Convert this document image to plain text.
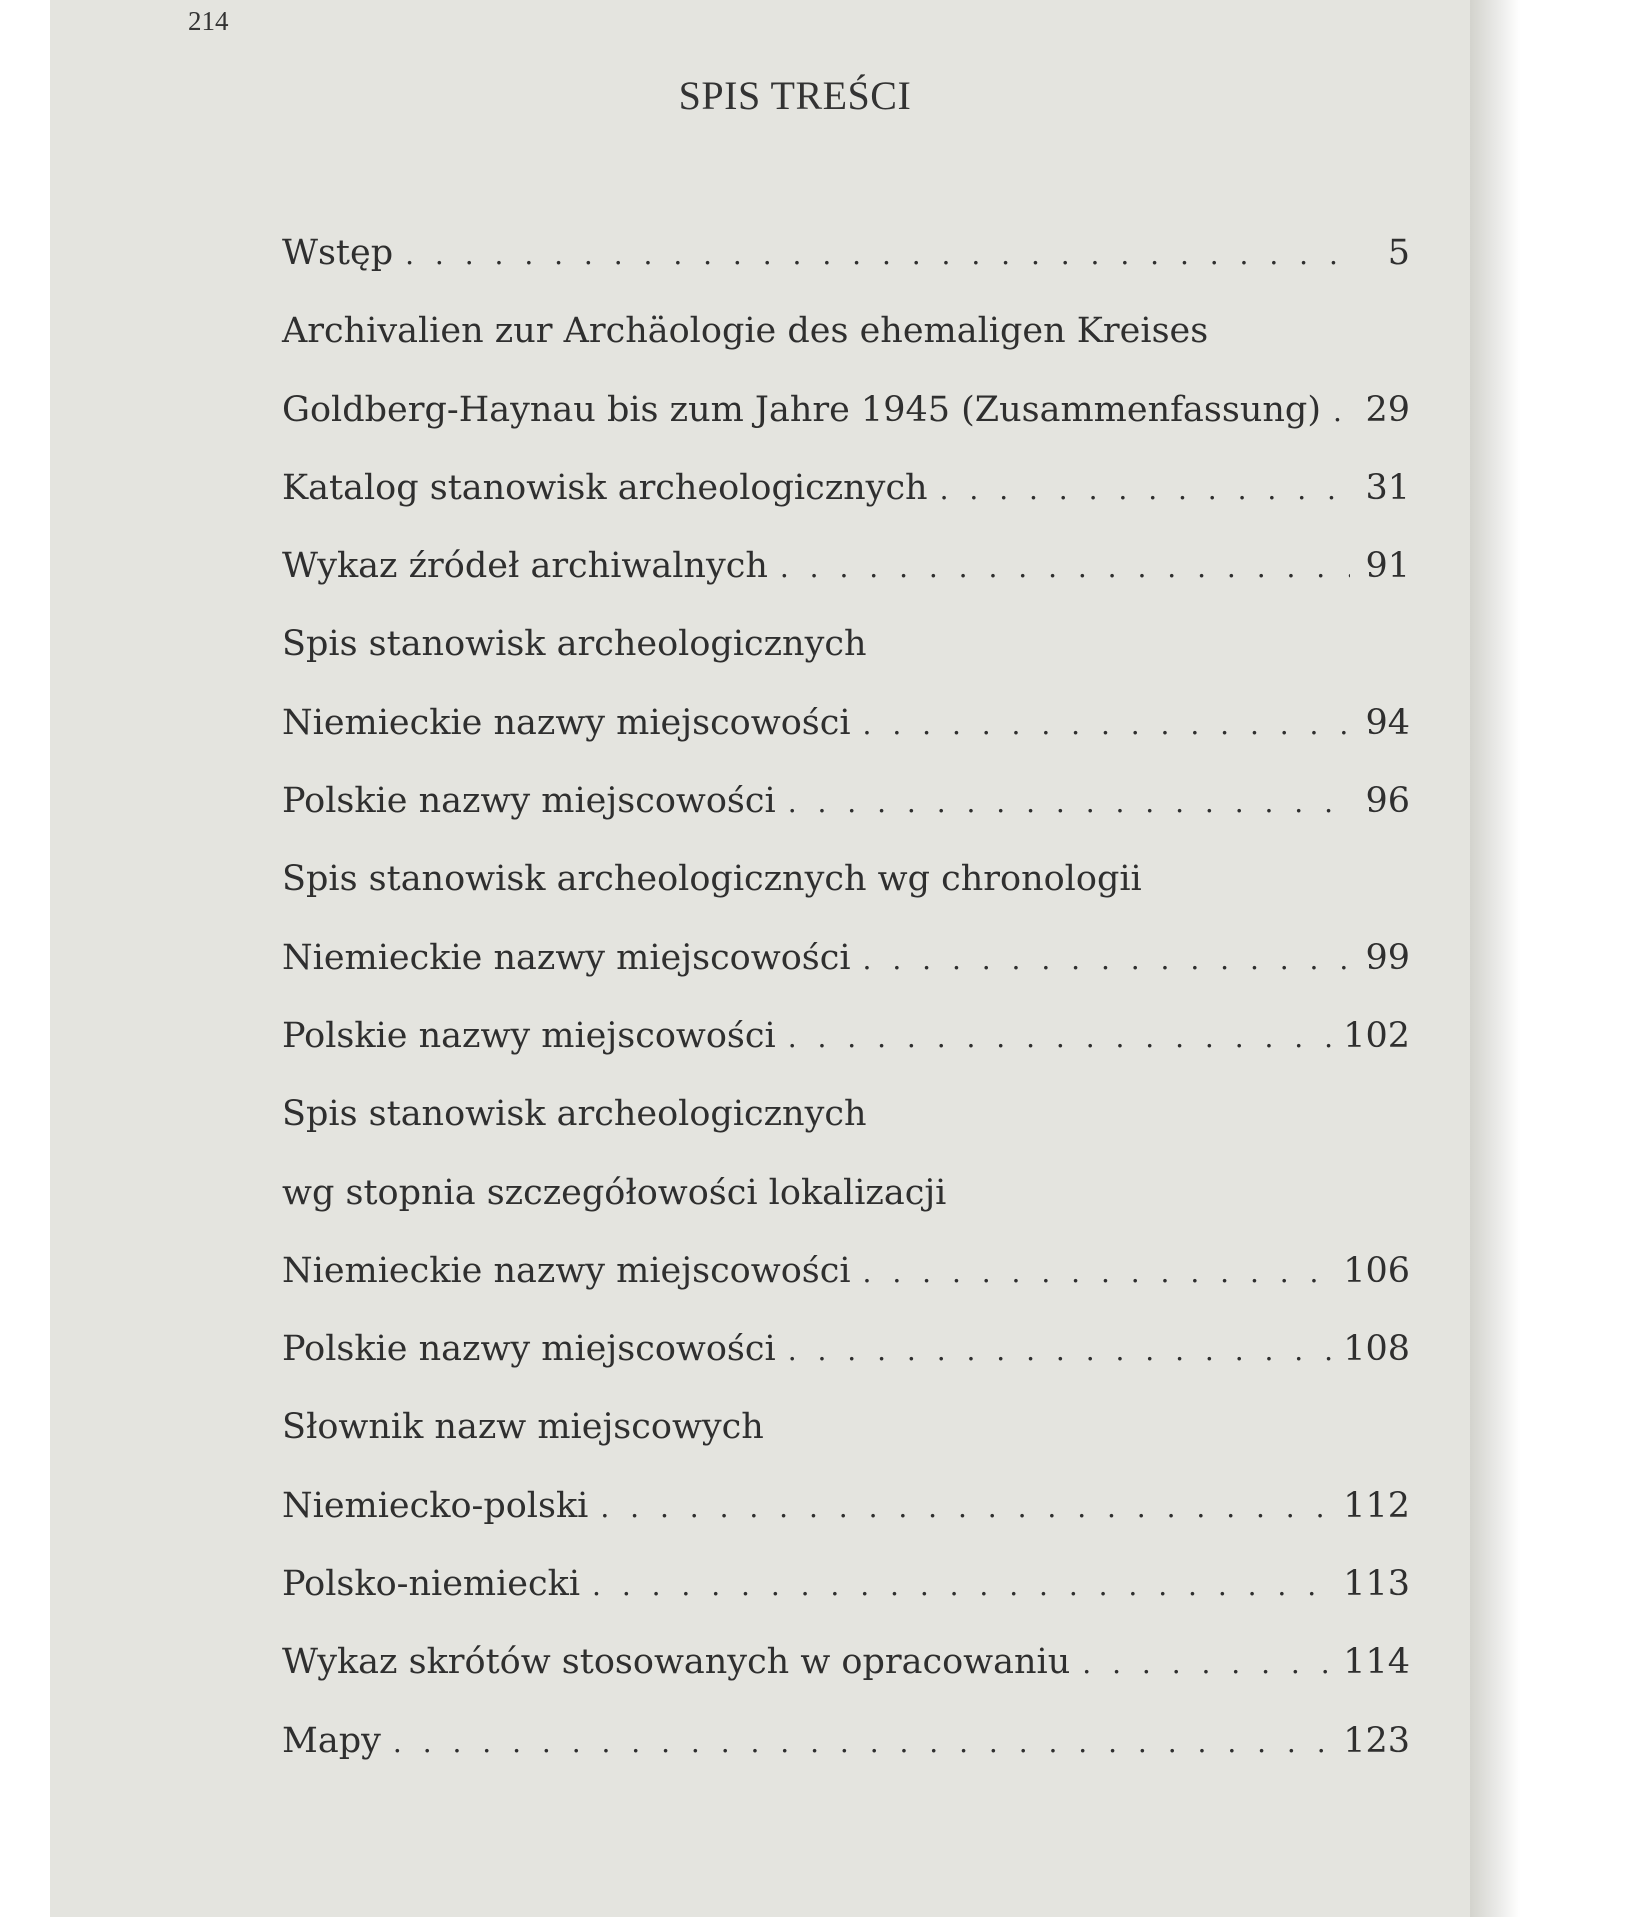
214
SPIS TREŚCI
Wstęp . . .	5
Archivalien zur Archäologie des ehemaligen Kreises
Goldberg-Haynau bis zum Jahre 1945 (Zusammenfassung) . . . 29
Katalog stanowisk archeologicznych . . .	31
Wykaz źródeł archiwalnych . . .	91
Spis stanowisk archeologicznych
Niemieckie nazwy miejscowości . . .	94
Polskie nazwy miejscowości . . .	96
Spis stanowisk archeologicznych wg chronologii
Niemieckie nazwy miejscowości . . .	99
Polskie nazwy miejscowości . . .	102
Spis stanowisk archeologicznych
wg stopnia szczegółowości lokalizacji
Niemieckie nazwy miejscowości . . .	106
Polskie nazwy miejscowości . . .	108
Słownik nazw miejscowych
Niemiecko-polski . . .	112
Polsko-niemiecki . . .	113
Wykaz skrótów stosowanych w opracowaniu . . .	114
Mapy . . .	123
